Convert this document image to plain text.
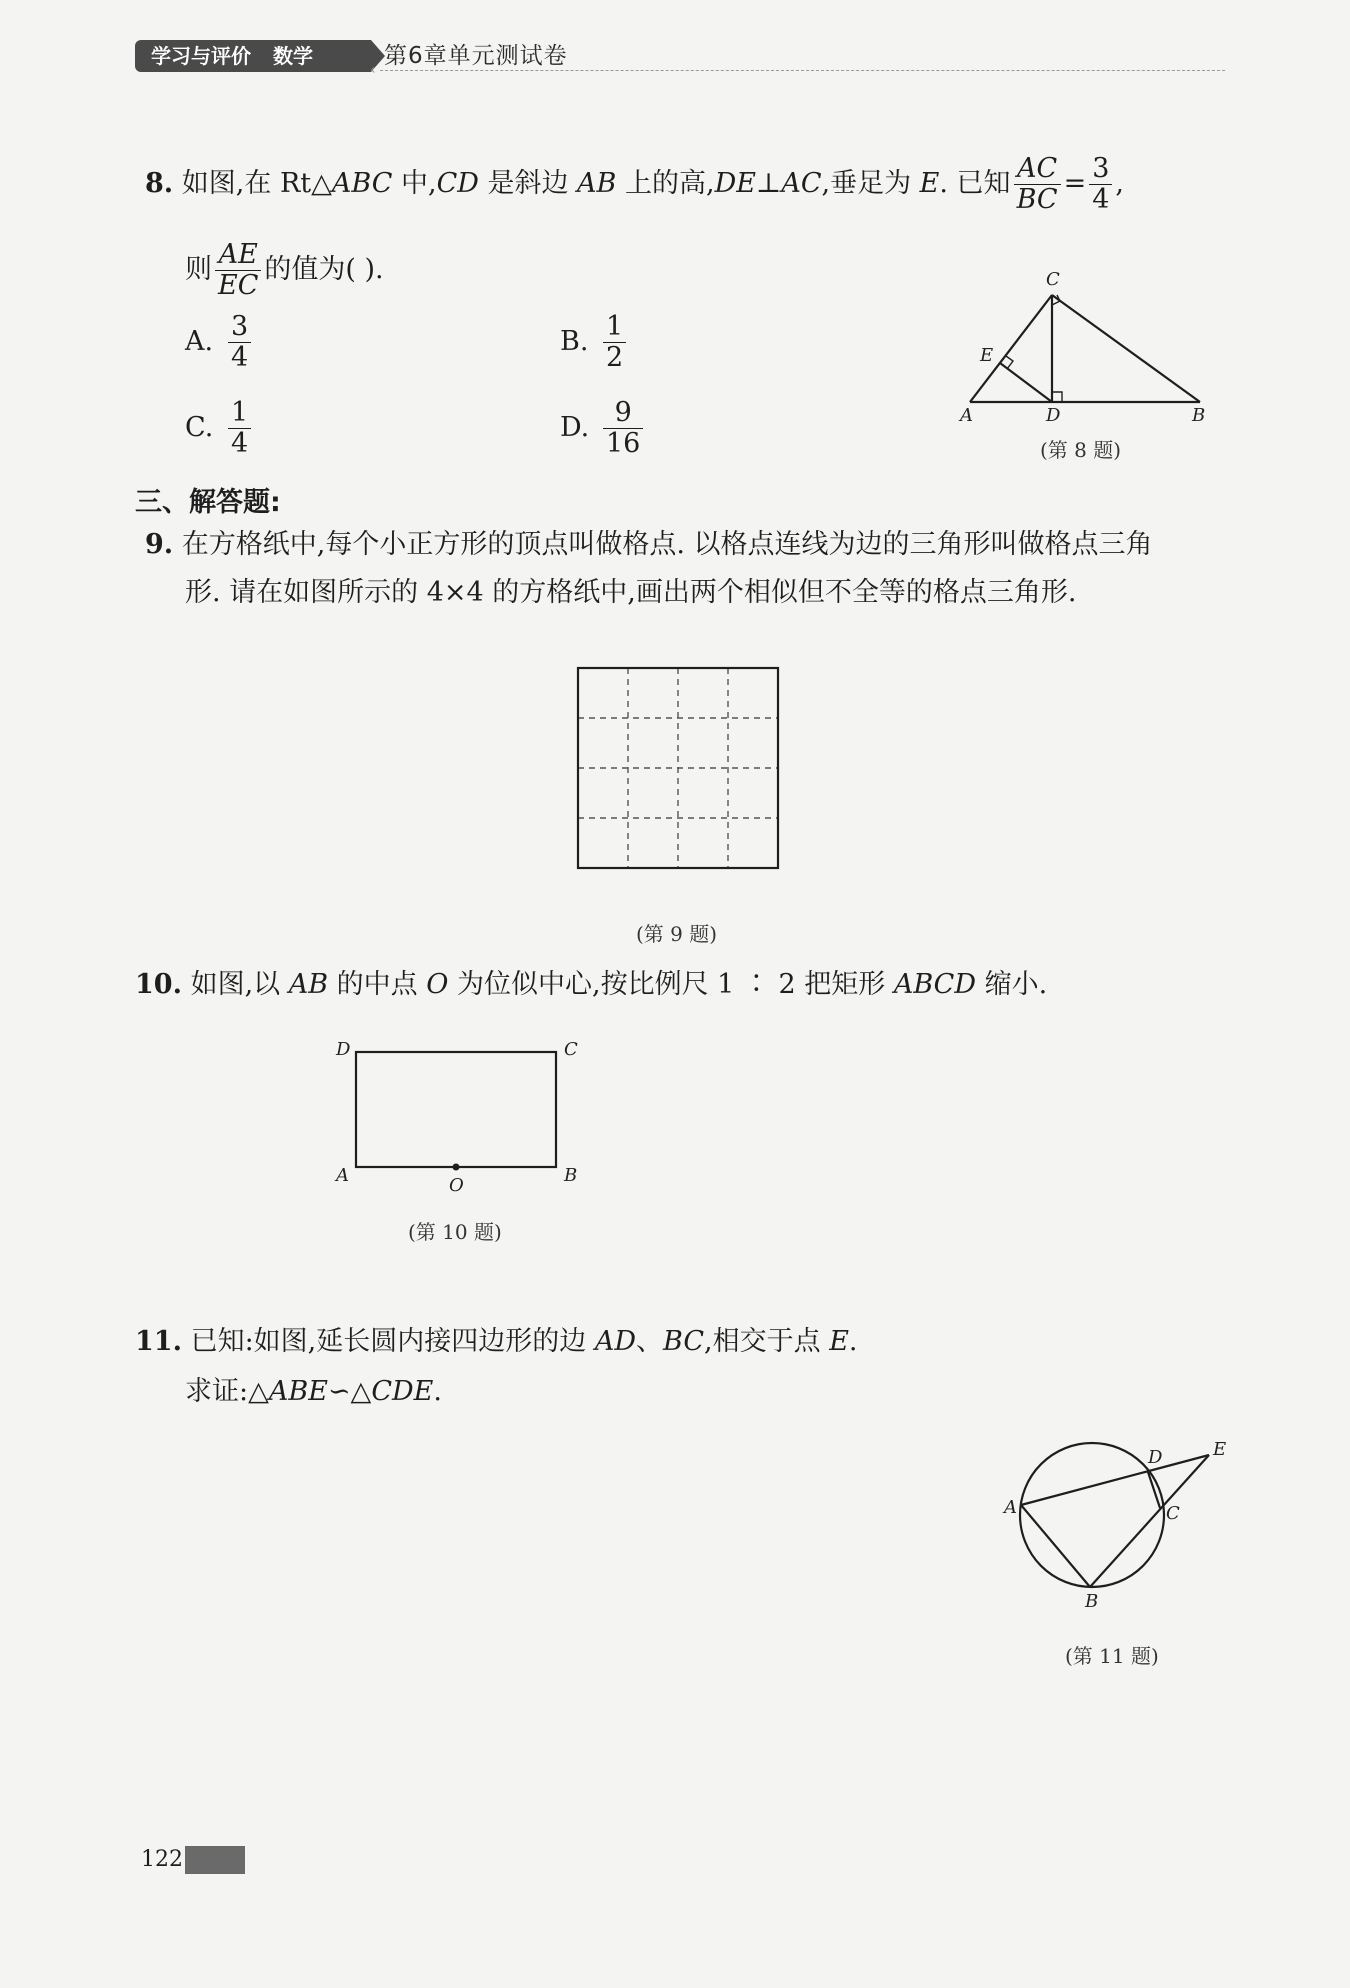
学习与评价 数学	第6章单元测试卷
‹
8. 如图,在 Rt△ABC 中,CD 是斜边 AB 上的高,DE⊥AC,垂足为 E. 已知 $\frac{AC}{BC} = \frac{3}{4}$ ,
则 $\frac{AE}{EC}$ 的值为( ).
A. $\frac{3}{4}$	B. $\frac{1}{2}$
C. $\frac{1}{4}$	D. $\frac{9}{16}$
C
E
A	D	B
(第 8 题)
三、解答题:
9. 在方格纸中,每个小正方形的顶点叫做格点. 以格点连线为边的三角形叫做格点三角
形. 请在如图所示的 4×4 的方格纸中,画出两个相似但不全等的格点三角形.
(第 9 题)
10. 如图,以 AB 的中点 O 为位似中心,按比例尺 1 ∶ 2 把矩形 ABCD 缩小.
D	C
A	B
O
(第 10 题)
11. 已知:如图,延长圆内接四边形的边 AD、BC,相交于点 E.
求证:△ABE∽△CDE.
A
B
C
D	E
(第 11 题)
122
